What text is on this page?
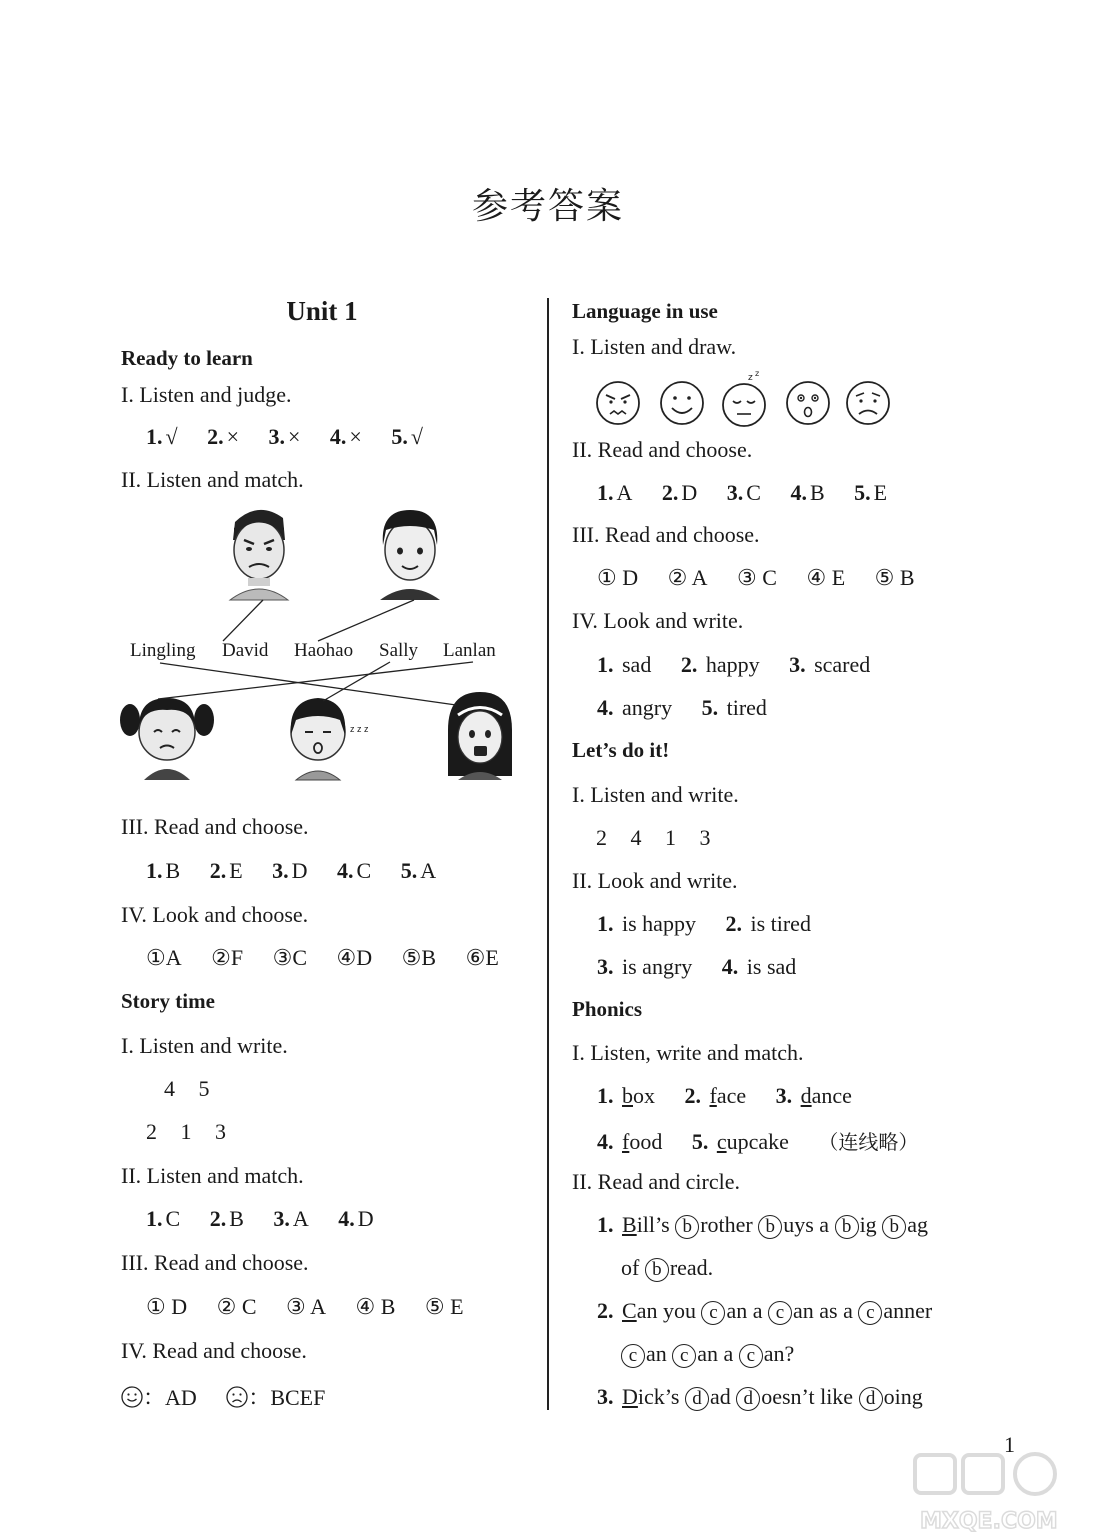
参考答案
Unit 1
Ready to learn
I. Listen and judge.
1. √ 2. × 3. × 4. × 5. √
II. Listen and match.
z z z
Lingling David Haohao Sally Lanlan
III. Read and choose.
1. B 2. E 3. D 4. C 5. A
IV. Look and choose.
①A ②F ③C ④D ⑤B ⑥E
Story time
I. Listen and write.
4 5
2 1 3
II. Listen and match.
1. C 2. B 3. A 4. D
III. Read and choose.
① D ② C ③ A ④ B ⑤ E
IV. Read and choose.
：AD ：BCEF
Language in use
I. Listen and draw.
z z
II. Read and choose.
1. A 2. D 3. C 4. B 5. E
III. Read and choose.
① D ② A ③ C ④ E ⑤ B
IV. Look and write.
1. sad 2. happy 3. scared
4. angry 5. tired
Let’s do it!
I. Listen and write.
2 4 1 3
II. Look and write.
1. is happy 2. is tired
3. is angry 4. is sad
Phonics
I. Listen, write and match.
1. box 2. face 3. dance
4. food 5. cupcake （连线略）
II. Read and circle.
1. Bill’s b rother b uys a b ig b ag
of b read.
2. Can you c an a c an as a c anner
c an c an a c an?
3. Dick’s d ad d oesn’t like d oing
1
MXQE.COM
